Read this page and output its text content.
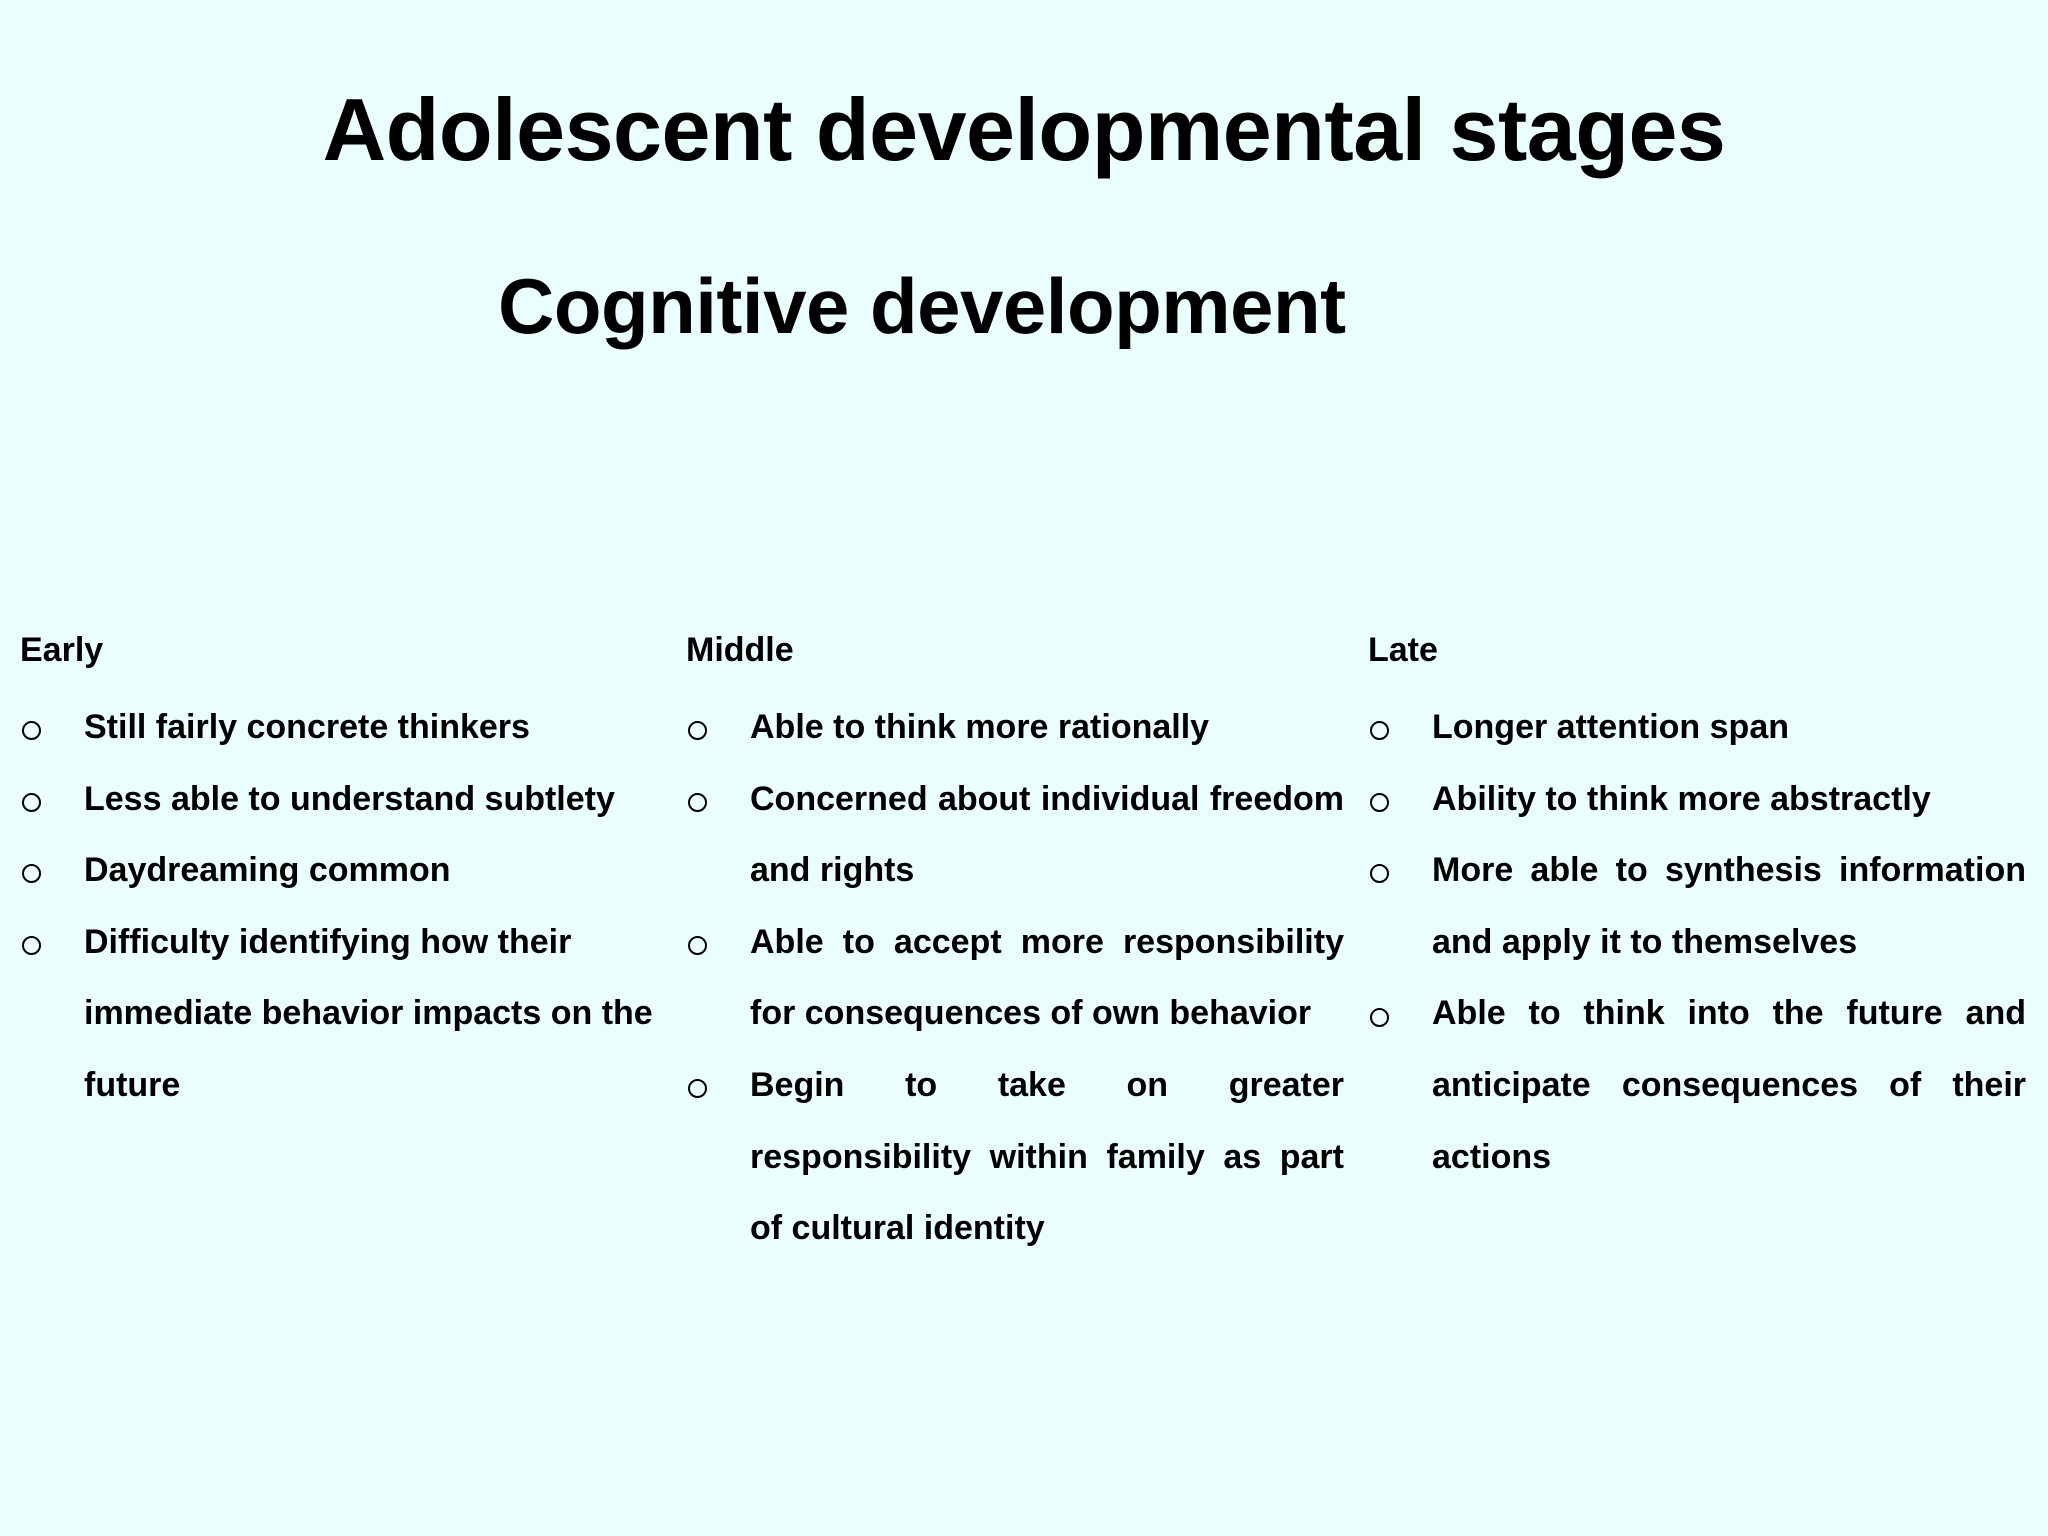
Adolescent developmental stages
Cognitive development
Early
Still fairly concrete thinkers
Less able to understand subtlety
Daydreaming common
Difficulty identifying how their immediate behavior impacts on the future
Middle
Able to think more rationally
Concerned about individual freedom and rights
Able to accept more responsibility for consequences of own behavior
Begin to take on greater responsibility within family as part of cultural identity
Late
Longer attention span
Ability to think more abstractly
More able to synthesis information and apply it to themselves
Able to think into the future and anticipate consequences of their actions
